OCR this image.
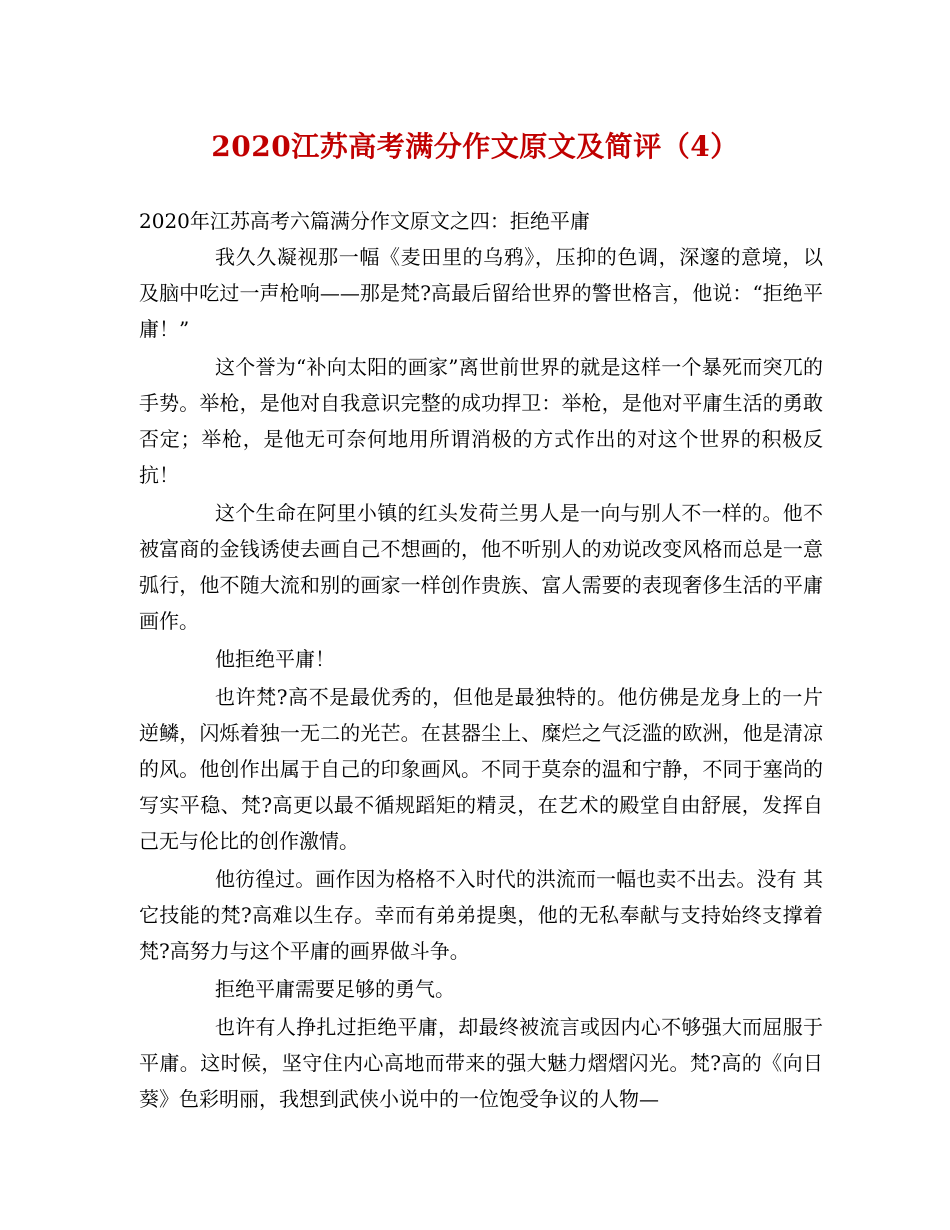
2020江苏高考满分作文原文及简评（4）

2020年江苏高考六篇满分作文原文之四：拒绝平庸

我久久凝视那一幅《麦田里的乌鸦》，压抑的色调，深邃的意境，以及脑中吃过一声枪响——那是梵?高最后留给世界的警世格言，他说：“拒绝平庸！”

这个誉为“补向太阳的画家”离世前世界的就是这样一个暴死而突兀的手势。举枪，是他对自我意识完整的成功捍卫：举枪，是他对平庸生活的勇敢否定；举枪，是他无可奈何地用所谓消极的方式作出的对这个世界的积极反抗！

这个生命在阿里小镇的红头发荷兰男人是一向与别人不一样的。他不被富商的金钱诱使去画自己不想画的，他不听别人的劝说改变风格而总是一意弧行，他不随大流和别的画家一样创作贵族、富人需要的表现奢侈生活的平庸画作。

他拒绝平庸！

也许梵?高不是最优秀的，但他是最独特的。他仿佛是龙身上的一片逆鳞，闪烁着独一无二的光芒。在甚器尘上、糜烂之气泛滥的欧洲，他是清凉的风。他创作出属于自己的印象画风。不同于莫奈的温和宁静，不同于塞尚的写实平稳、梵?高更以最不循规蹈矩的精灵，在艺术的殿堂自由舒展，发挥自己无与伦比的创作激情。

他彷徨过。画作因为格格不入时代的洪流而一幅也卖不出去。没有 其它技能的梵?高难以生存。幸而有弟弟提奥，他的无私奉献与支持始终支撑着梵?高努力与这个平庸的画界做斗争。

拒绝平庸需要足够的勇气。

也许有人挣扎过拒绝平庸，却最终被流言或因内心不够强大而屈服于平庸。这时候，坚守住内心高地而带来的强大魅力熠熠闪光。梵?高的《向日葵》色彩明丽，我想到武侠小说中的一位饱受争议的人物—
